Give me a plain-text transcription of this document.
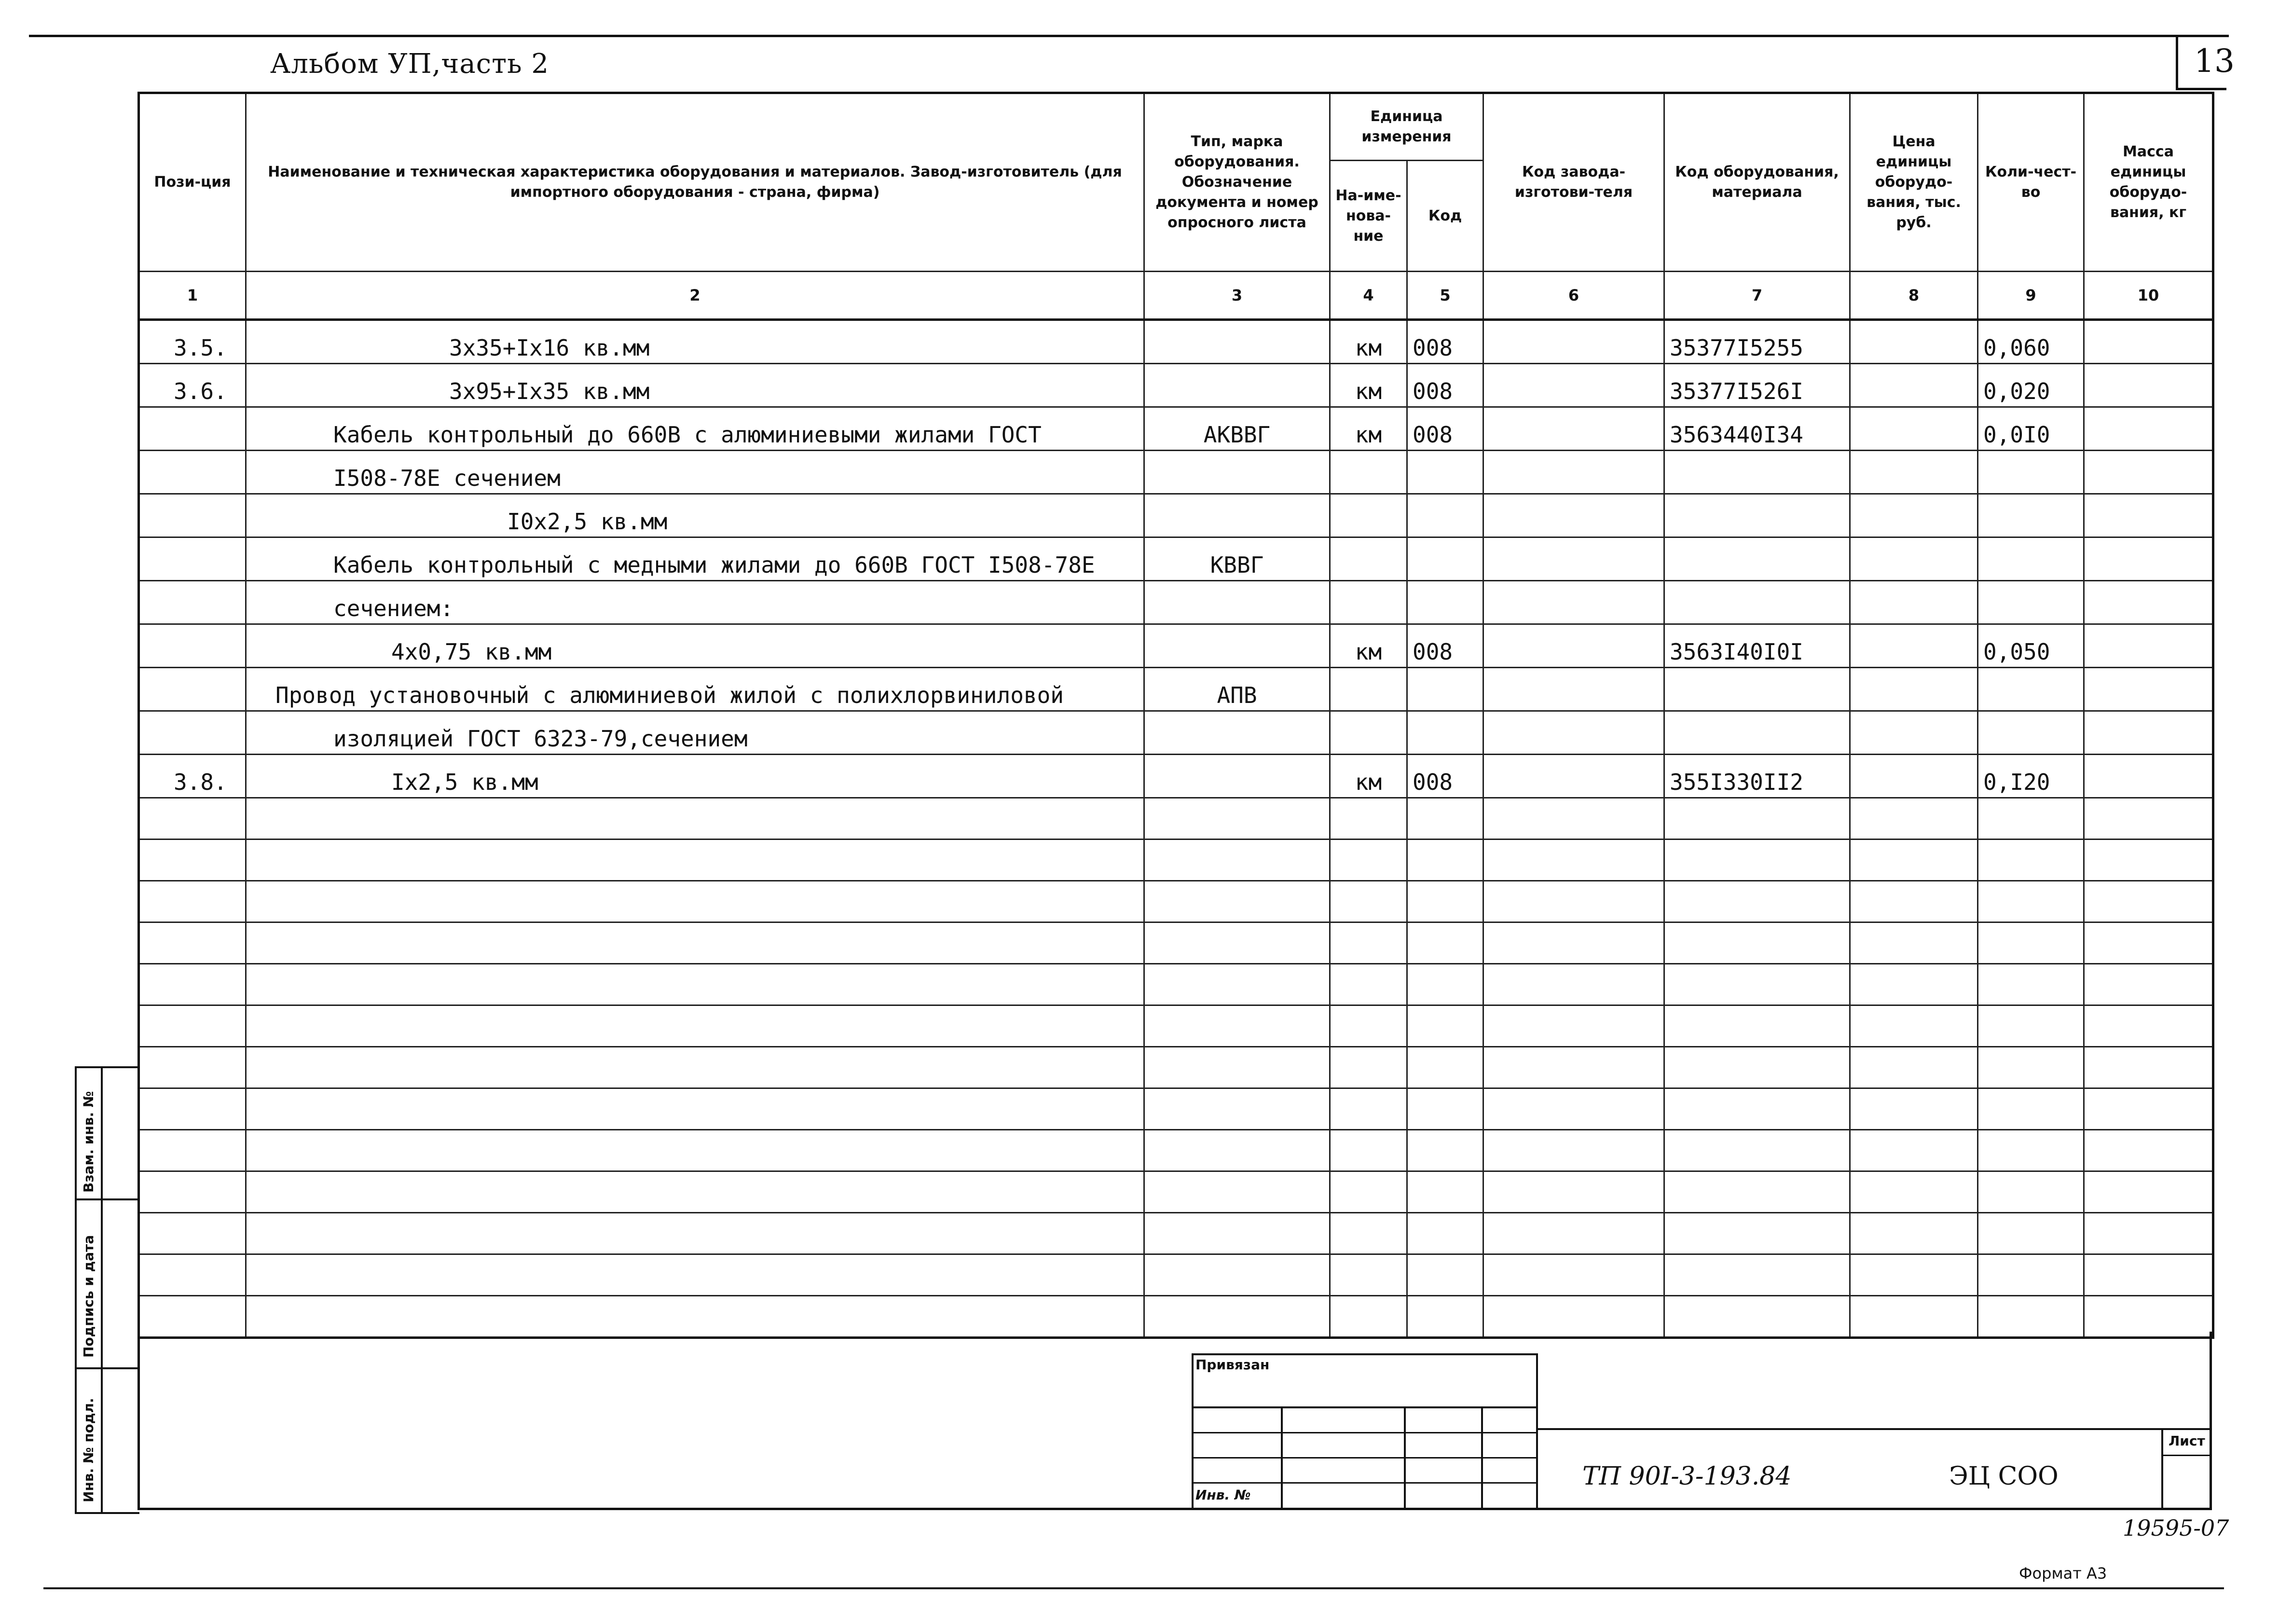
Альбом УП,часть 2	13
Пози-ция	Наименование и техническая характеристика оборудования и материалов. Завод-изготовитель (для импортного оборудования - страна, фирма)	Тип, марка оборудования. Обозначение документа и номер опросного листа	Единица измерения		Код завода-изготови-теля	Код оборудования, материала	Цена единицы оборудо-вания, тыс. руб.	Коли-чест-во	Масса единицы оборудо-вания, кг
			На-име-нова-ние	Код					
1	2	3	4	5	6	7	8	9	10
3.5.	3x35+Ix16 кв.мм		км	008		35377I5255		0,060	
3.6.	3x95+Ix35 кв.мм		км	008		35377I526I		0,020	
	Кабель контрольный до 660В с алюминиевыми жилами ГОСТ	АКВВГ	км	008		3563440I34		0,0I0	
	I508-78E сечением								
	I0x2,5 кв.мм								
	Кабель контрольный с медными жилами до 660В ГОСТ I508-78E	КВВГ							
	сечением:								
	4x0,75 кв.мм		км	008		3563I40I0I		0,050	
	Провод установочный с алюминиевой жилой с полихлорвиниловой	АПВ							
	изоляцией ГОСТ 6323-79,сечением								
3.8.	Ix2,5 кв.мм		км	008		355I330II2		0,I20	

Взам. инв. №
Подпись и дата
Инв. № подл.
Привязан
Инв. №
ТП 90I-3-193.84	ЭЦ СОО
Лист
19595-07
Формат А3
